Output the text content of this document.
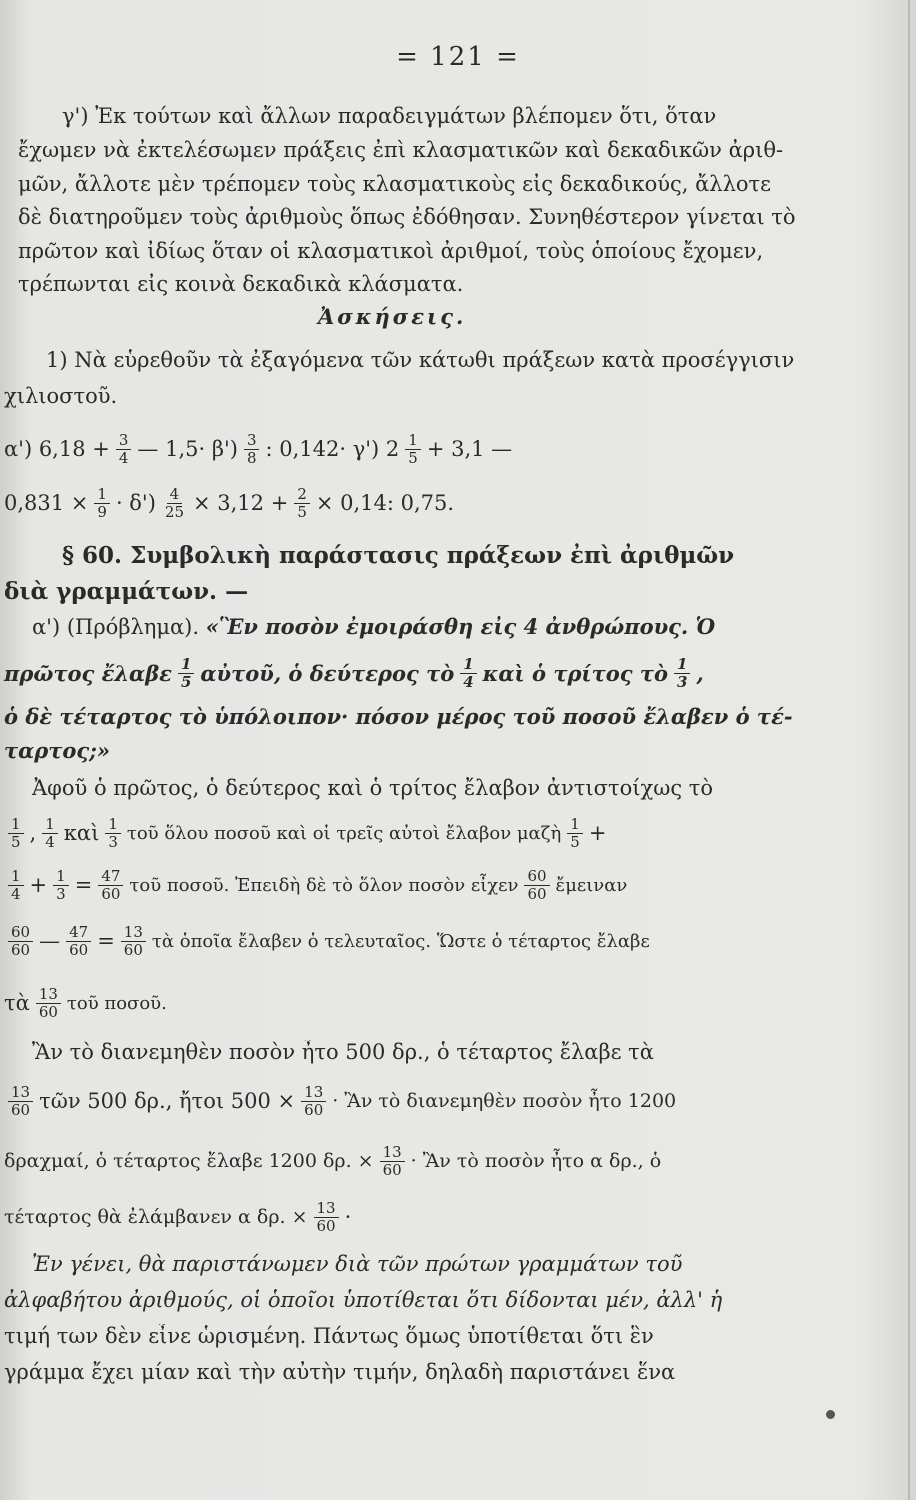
= 121 =
γ') Ἐκ τούτων καὶ ἄλλων παραδειγμάτων βλέπομεν ὅτι, ὅταν
ἔχωμεν νὰ ἐκτελέσωμεν πράξεις ἐπὶ κλασματικῶν καὶ δεκαδικῶν ἀριθ-
μῶν, ἄλλοτε μὲν τρέπομεν τοὺς κλασματικοὺς εἰς δεκαδικούς, ἄλλοτε
δὲ διατηροῦμεν τοὺς ἀριθμοὺς ὅπως ἐδόθησαν. Συνηθέστερον γίνεται τὸ
πρῶτον καὶ ἰδίως ὅταν οἱ κλασματικοὶ ἀριθμοί, τοὺς ὁποίους ἔχομεν,
τρέπωνται εἰς κοινὰ δεκαδικὰ κλάσματα.
Ἀσκήσεις.
1) Νὰ εὑρεθοῦν τὰ ἐξαγόμενα τῶν κάτωθι πράξεων κατὰ προσέγγισιν
χιλιοστοῦ.
α') $6,18 + \frac{3}{4}$ — $1,5\cdot \beta') \frac{3}{8}$ : 0,142· γ') $2 \frac{1}{5} + 3,1$ —
$0,831 \times \frac{1}{9} \cdot \delta') \frac{4}{25} \times 3,12 + \frac{2}{5} \times 0,14$: 0,75.
§ 60. Συμβολικὴ παράστασις πράξεων ἐπὶ ἀριθμῶν
διὰ γραμμάτων. —
α') (Πρόβλημα). «Ἓν ποσὸν ἐμοιράσθη εἰς 4 ἀνθρώπους. Ὁ
πρῶτος ἔλαβε $\frac{1}{5}$ αὐτοῦ, ὁ δεύτερος τὸ $\frac{1}{4}$ καὶ ὁ τρίτος τὸ $\frac{1}{3}$ ,
ὁ δὲ τέταρτος τὸ ὑπόλοιπον· πόσον μέρος τοῦ ποσοῦ ἔλαβεν ὁ τέ-
ταρτος;»
Ἀφοῦ ὁ πρῶτος, ὁ δεύτερος καὶ ὁ τρίτος ἔλαβον ἀντιστοίχως τὸ
$\frac{1}{5}$ , $\frac{1}{4}$ καὶ $\frac{1}{3}$ τοῦ ὅλου ποσοῦ καὶ οἱ τρεῖς αὐτοὶ ἔλαβον μαζὴ $\frac{1}{5}$ +
$\frac{1}{4} + \frac{1}{3} = \frac{47}{60}$ τοῦ ποσοῦ. Ἐπειδὴ δὲ τὸ ὅλον ποσὸν εἶχεν $\frac{60}{60}$ ἔμειναν
$\frac{60}{60}$ — $\frac{47}{60} = \frac{13}{60}$ τὰ ὁποῖα ἔλαβεν ὁ τελευταῖος. Ὥστε ὁ τέταρτος ἔλαβε
τὰ $\frac{13}{60}$ τοῦ ποσοῦ.
Ἂν τὸ διανεμηθὲν ποσὸν ἦτο 500 δρ., ὁ τέταρτος ἔλαβε τὰ
$\frac{13}{60}$ τῶν 500 δρ., ἤτοι $500 \times \frac{13}{60}$ · Ἂν τὸ διανεμηθὲν ποσὸν ἦτο 1200
δραχμαί, ὁ τέταρτος ἔλαβε 1200 δρ. × $\frac{13}{60}$ · Ἂν τὸ ποσὸν ἦτο α δρ., ὁ
τέταρτος θὰ ἐλάμβανεν α δρ. × $\frac{13}{60}$ ·
Ἐν γένει, θὰ παριστάνωμεν διὰ τῶν πρώτων γραμμάτων τοῦ
ἀλφαβήτου ἀριθμούς, οἱ ὁποῖοι ὑποτίθεται ὅτι δίδονται μέν, ἀλλ' ἡ
τιμή των δὲν εἶνε ὡρισμένη. Πάντως ὅμως ὑποτίθεται ὅτι ἓν
γράμμα ἔχει μίαν καὶ τὴν αὐτὴν τιμήν, δηλαδὴ παριστάνει ἕνα
